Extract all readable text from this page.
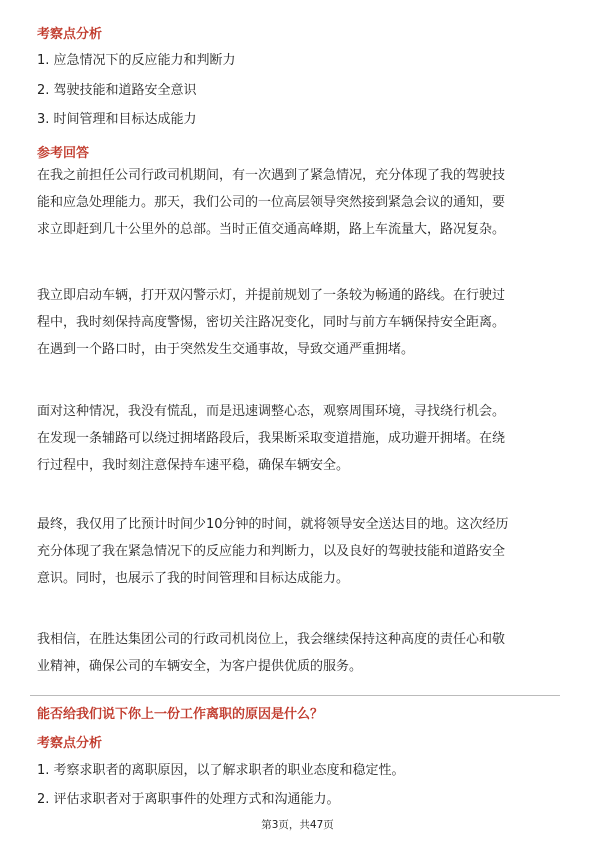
考察点分析
1. 应急情况下的反应能力和判断力
2. 驾驶技能和道路安全意识
3. 时间管理和目标达成能力
参考回答
在我之前担任公司行政司机期间，有一次遇到了紧急情况，充分体现了我的驾驶技
能和应急处理能力。那天，我们公司的一位高层领导突然接到紧急会议的通知，要
求立即赶到几十公里外的总部。当时正值交通高峰期，路上车流量大，路况复杂。
我立即启动车辆，打开双闪警示灯，并提前规划了一条较为畅通的路线。在行驶过
程中，我时刻保持高度警惕，密切关注路况变化，同时与前方车辆保持安全距离。
在遇到一个路口时，由于突然发生交通事故，导致交通严重拥堵。
面对这种情况，我没有慌乱，而是迅速调整心态，观察周围环境，寻找绕行机会。
在发现一条辅路可以绕过拥堵路段后，我果断采取变道措施，成功避开拥堵。在绕
行过程中，我时刻注意保持车速平稳，确保车辆安全。
最终，我仅用了比预计时间少10分钟的时间，就将领导安全送达目的地。这次经历
充分体现了我在紧急情况下的反应能力和判断力，以及良好的驾驶技能和道路安全
意识。同时，也展示了我的时间管理和目标达成能力。
我相信，在胜达集团公司的行政司机岗位上，我会继续保持这种高度的责任心和敬
业精神，确保公司的车辆安全，为客户提供优质的服务。
能否给我们说下你上一份工作离职的原因是什么？
考察点分析
1. 考察求职者的离职原因，以了解求职者的职业态度和稳定性。
2. 评估求职者对于离职事件的处理方式和沟通能力。
第3页，共47页
